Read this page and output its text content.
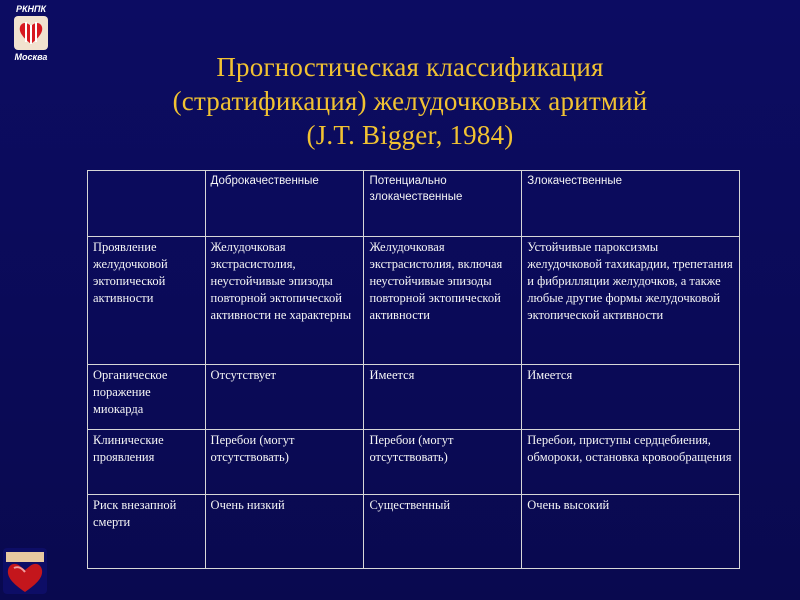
РКНПК
Москва	Прогностическая классификация
(стратификация) желудочковых аритмий
(J.T. Bigger, 1984)
	Доброкачественные	Потенциально злокачественные	Злокачественные
Проявление желудочковой эктопической активности	Желудочковая экстрасистолия, неустойчивые эпизоды повторной эктопической активности не характерны	Желудочковая экстрасистолия, включая неустойчивые эпизоды повторной эктопической активности	Устойчивые пароксизмы желудочковой тахикардии, трепетания и фибрилляции желудочков, а также любые другие формы желудочковой эктопической активности
Органическое поражение миокарда	Отсутствует	Имеется	Имеется
Клинические проявления	Перебои (могут отсутствовать)	Перебои (могут отсутствовать)	Перебои, приступы сердцебиения, обмороки, остановка кровообращения
Риск внезапной смерти	Очень низкий	Существенный	Очень высокий
